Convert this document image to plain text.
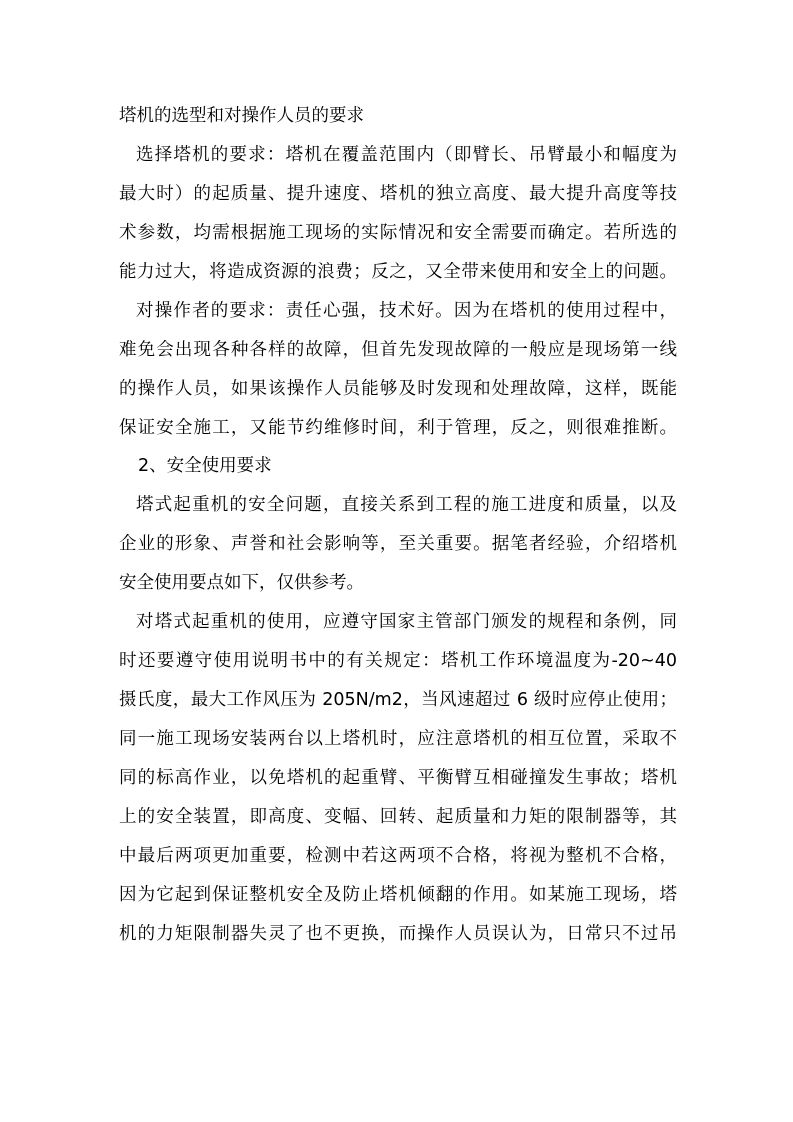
塔机的选型和对操作人员的要求
选择塔机的要求：塔机在覆盖范围内（即臂长、吊臂最小和幅度为
最大时）的起质量、提升速度、塔机的独立高度、最大提升高度等技
术参数，均需根据施工现场的实际情况和安全需要而确定。若所选的
能力过大，将造成资源的浪费；反之，又全带来使用和安全上的问题。
对操作者的要求：责任心强，技术好。因为在塔机的使用过程中，
难免会出现各种各样的故障，但首先发现故障的一般应是现场第一线
的操作人员，如果该操作人员能够及时发现和处理故障，这样，既能
保证安全施工，又能节约维修时间，利于管理，反之，则很难推断。
2、安全使用要求
塔式起重机的安全问题，直接关系到工程的施工进度和质量，以及
企业的形象、声誉和社会影响等，至关重要。据笔者经验，介绍塔机
安全使用要点如下，仅供参考。
对塔式起重机的使用，应遵守国家主管部门颁发的规程和条例，同
时还要遵守使用说明书中的有关规定：塔机工作环境温度为-20~40
摄氏度，最大工作风压为 205N/m2，当风速超过 6 级时应停止使用；
同一施工现场安装两台以上塔机时，应注意塔机的相互位置，采取不
同的标高作业，以免塔机的起重臂、平衡臂互相碰撞发生事故；塔机
上的安全装置，即高度、变幅、回转、起质量和力矩的限制器等，其
中最后两项更加重要，检测中若这两项不合格，将视为整机不合格，
因为它起到保证整机安全及防止塔机倾翻的作用。如某施工现场，塔
机的力矩限制器失灵了也不更换，而操作人员误认为，日常只不过吊
